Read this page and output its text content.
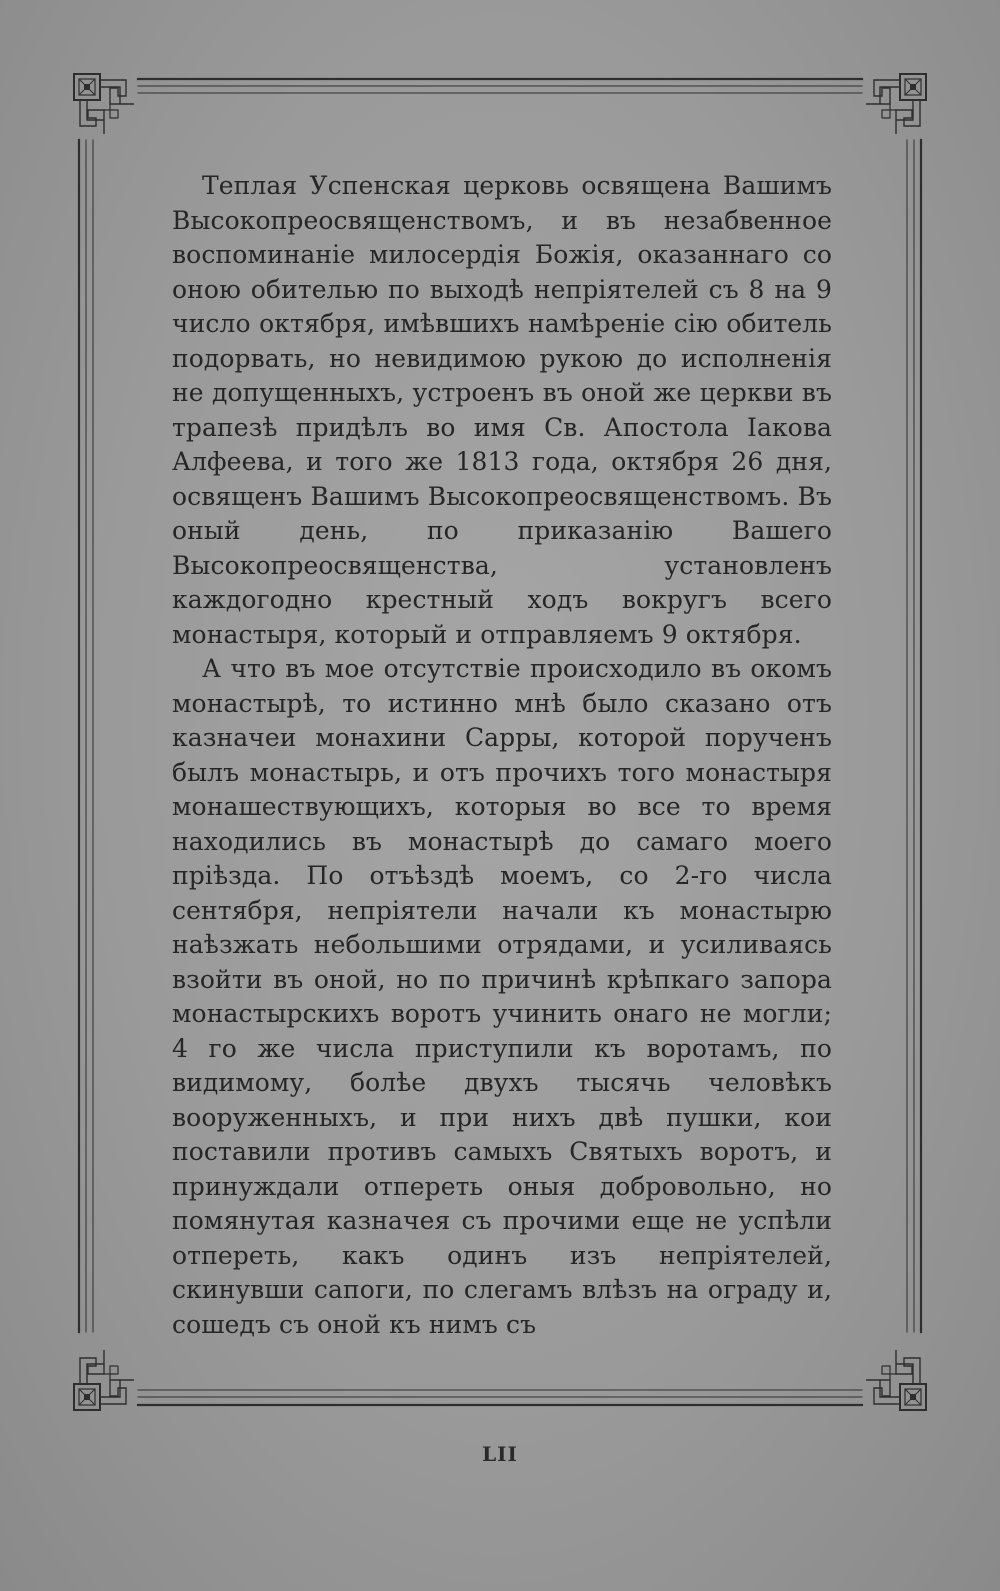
Теплая Успенская церковь освящена Вашимъ Высокопреосвященствомъ, и въ незабвенное воспоминаніе милосердія Божія, оказаннаго со оною обителью по выходѣ непріятелей съ 8 на 9 число октября, имѣвшихъ намѣреніе сію обитель подорвать, но невидимою рукою до исполненія не допущенныхъ, устроенъ въ оной же церкви въ трапезѣ придѣлъ во имя Св. Апостола Іакова Алфеева, и того же 1813 года, октября 26 дня, освященъ Вашимъ Высокопреосвященствомъ. Въ оный день, по приказанію Вашего Высокопреосвященства, установленъ каждогодно крестный ходъ вокругъ всего монастыря, который и отправляемъ 9 октября.

А что въ мое отсутствіе происходило въ окомъ монастырѣ, то истинно мнѣ было сказано отъ казначеи монахини Сарры, которой порученъ былъ монастырь, и отъ прочихъ того монастыря монашествующихъ, которыя во все то время находились въ монастырѣ до самаго моего пріѣзда. По отъѣздѣ моемъ, со 2-го числа сентября, непріятели начали къ монастырю наѣзжать небольшими отрядами, и усиливаясь взойти въ оной, но по причинѣ крѣпкаго запора монастырскихъ воротъ учинить онаго не могли; 4 го же числа приступили къ воротамъ, по видимому, болѣе двухъ тысячь человѣкъ вооруженныхъ, и при нихъ двѣ пушки, кои поставили противъ самыхъ Святыхъ воротъ, и принуждали отпереть оныя добровольно, но помянутая казначея съ прочими еще не успѣли отпереть, какъ одинъ изъ непріятелей, скинувши сапоги, по слегамъ влѣзъ на ограду и, сошедъ съ оной къ нимъ съ

LII
